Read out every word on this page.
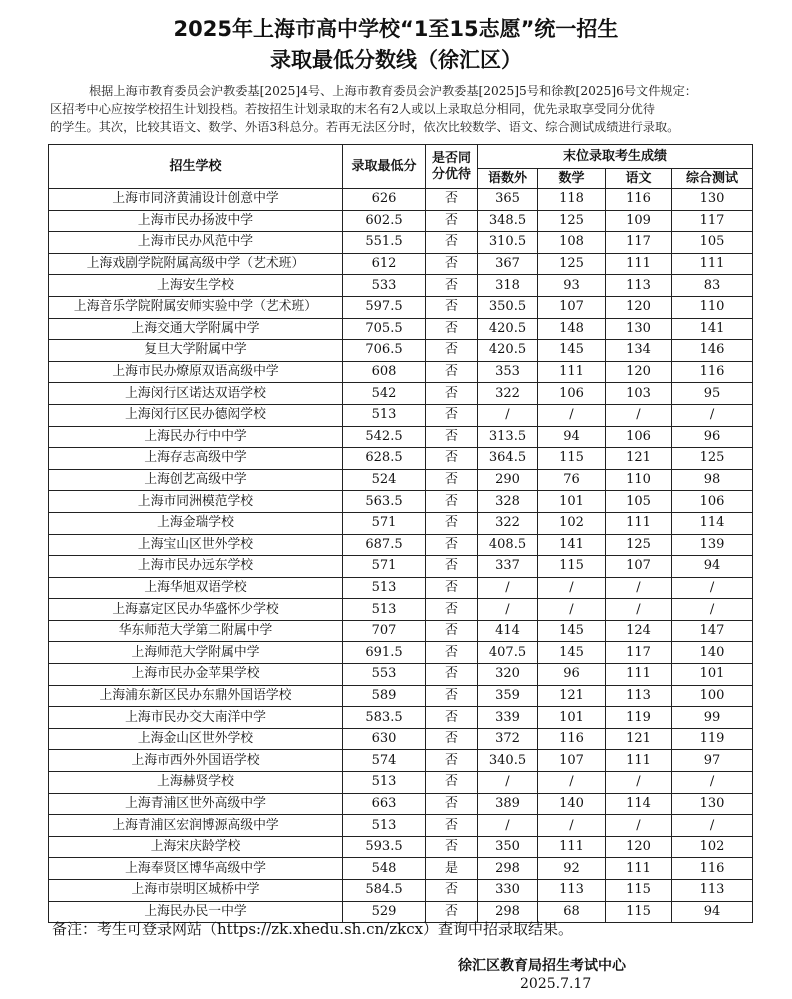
2025年上海市高中学校“1至15志愿”统一招生
录取最低分数线（徐汇区）
根据上海市教育委员会沪教委基[2025]4号、上海市教育委员会沪教委基[2025]5号和徐教[2025]6号文件规定：
区招考中心应按学校招生计划投档。若按招生计划录取的末名有2人或以上录取总分相同，优先录取享受同分优待
的学生。其次，比较其语文、数学、外语3科总分。若再无法区分时，依次比较数学、语文、综合测试成绩进行录取。
招生学校	录取最低分	是否同
分优待	末位录取考生成绩			
			语数外	数学	语文	综合测试
上海市同济黄浦设计创意中学	626	否	365	118	116	130
上海市民办扬波中学	602.5	否	348.5	125	109	117
上海市民办风范中学	551.5	否	310.5	108	117	105
上海戏剧学院附属高级中学（艺术班）	612	否	367	125	111	111
上海安生学校	533	否	318	93	113	83
上海音乐学院附属安师实验中学（艺术班）	597.5	否	350.5	107	120	110
上海交通大学附属中学	705.5	否	420.5	148	130	141
复旦大学附属中学	706.5	否	420.5	145	134	146
上海市民办燎原双语高级中学	608	否	353	111	120	116
上海闵行区诺达双语学校	542	否	322	106	103	95
上海闵行区民办德闳学校	513	否	/	/	/	/
上海民办行中中学	542.5	否	313.5	94	106	96
上海存志高级中学	628.5	否	364.5	115	121	125
上海创艺高级中学	524	否	290	76	110	98
上海市同洲模范学校	563.5	否	328	101	105	106
上海金瑞学校	571	否	322	102	111	114
上海宝山区世外学校	687.5	否	408.5	141	125	139
上海市民办远东学校	571	否	337	115	107	94
上海华旭双语学校	513	否	/	/	/	/
上海嘉定区民办华盛怀少学校	513	否	/	/	/	/
华东师范大学第二附属中学	707	否	414	145	124	147
上海师范大学附属中学	691.5	否	407.5	145	117	140
上海市民办金苹果学校	553	否	320	96	111	101
上海浦东新区民办东鼎外国语学校	589	否	359	121	113	100
上海市民办交大南洋中学	583.5	否	339	101	119	99
上海金山区世外学校	630	否	372	116	121	119
上海市西外外国语学校	574	否	340.5	107	111	97
上海赫贤学校	513	否	/	/	/	/
上海青浦区世外高级中学	663	否	389	140	114	130
上海青浦区宏润博源高级中学	513	否	/	/	/	/
上海宋庆龄学校	593.5	否	350	111	120	102
上海奉贤区博华高级中学	548	是	298	92	111	116
上海市崇明区城桥中学	584.5	否	330	113	115	113
上海民办民一中学	529	否	298	68	115	94
备注：考生可登录网站（https://zk.xhedu.sh.cn/zkcx）查询中招录取结果。
徐汇区教育局招生考试中心
2025.7.17
